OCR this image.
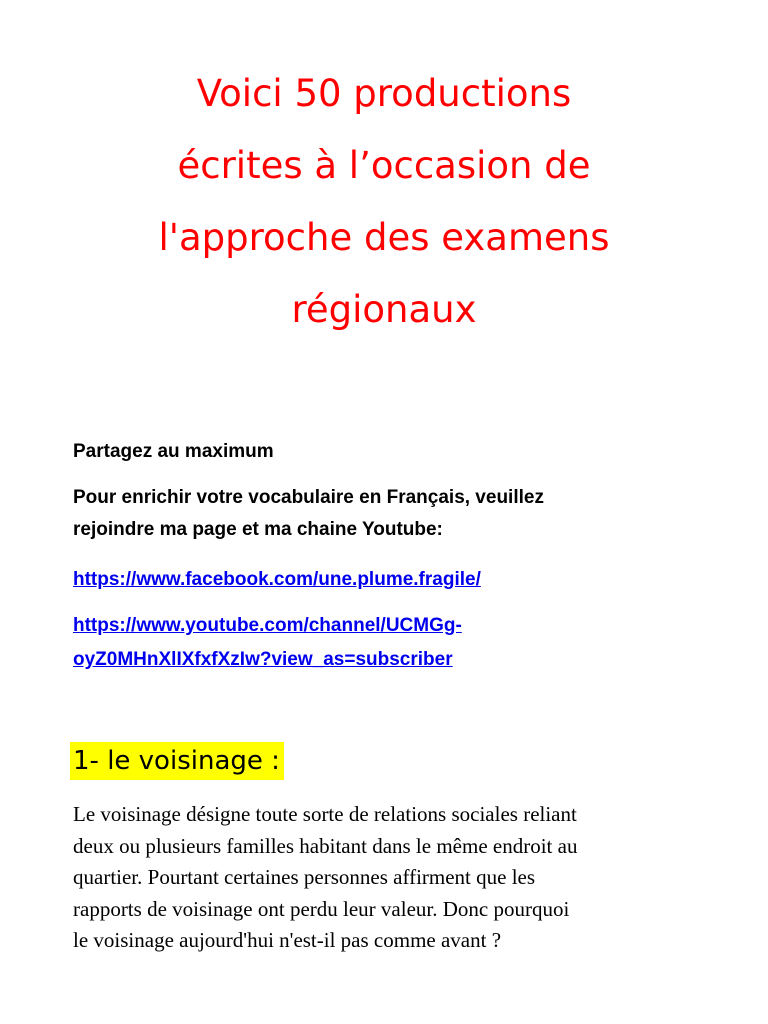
Voici 50 productions
écrites à l’occasion de
l'approche des examens
régionaux

Partagez au maximum

Pour enrichir votre vocabulaire en Français, veuillez
rejoindre ma page et ma chaine Youtube:

https://www.facebook.com/une.plume.fragile/
https://www.youtube.com/channel/UCMGg-
oyZ0MHnXlIXfxfXzIw?view_as=subscriber
1- le voisinage :

Le voisinage désigne toute sorte de relations sociales reliant
deux ou plusieurs familles habitant dans le même endroit au
quartier. Pourtant certaines personnes affirment que les
rapports de voisinage ont perdu leur valeur. Donc pourquoi
le voisinage aujourd'hui n'est-il pas comme avant ?
